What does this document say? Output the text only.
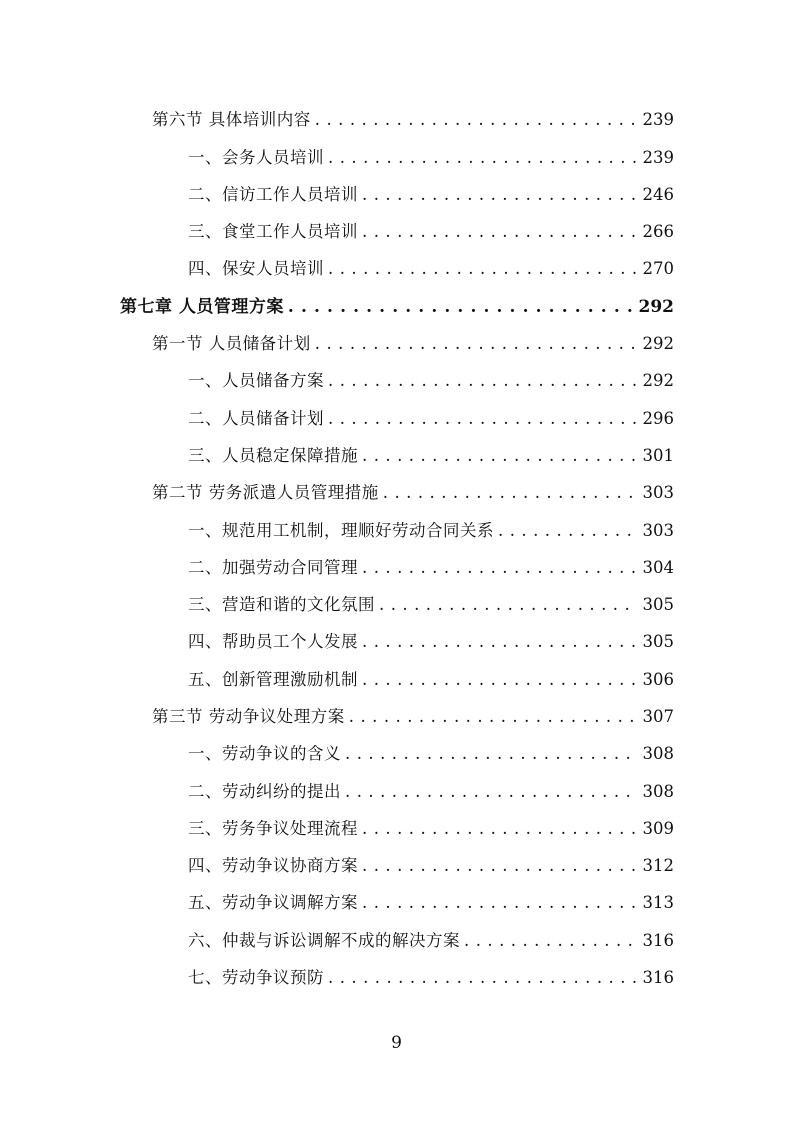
第六节 具体培训内容 . . .	239
一、会务人员培训 . . .	239
二、信访工作人员培训 . . .	246
三、食堂工作人员培训 . . .	266
四、保安人员培训 . . .	270
第七章 人员管理方案 . . .	292
第一节 人员储备计划 . . .	292
一、人员储备方案 . . .	292
二、人员储备计划 . . .	296
三、人员稳定保障措施 . . .	301
第二节 劳务派遣人员管理措施 . . .	303
一、规范用工机制，理顺好劳动合同关系 . . .	303
二、加强劳动合同管理 . . .	304
三、营造和谐的文化氛围 . . .	305
四、帮助员工个人发展 . . .	305
五、创新管理激励机制 . . .	306
第三节 劳动争议处理方案 . . .	307
一、劳动争议的含义 . . .	308
二、劳动纠纷的提出 . . .	308
三、劳务争议处理流程 . . .	309
四、劳动争议协商方案 . . .	312
五、劳动争议调解方案 . . .	313
六、仲裁与诉讼调解不成的解决方案 . . .	316
七、劳动争议预防 . . .	316
9
